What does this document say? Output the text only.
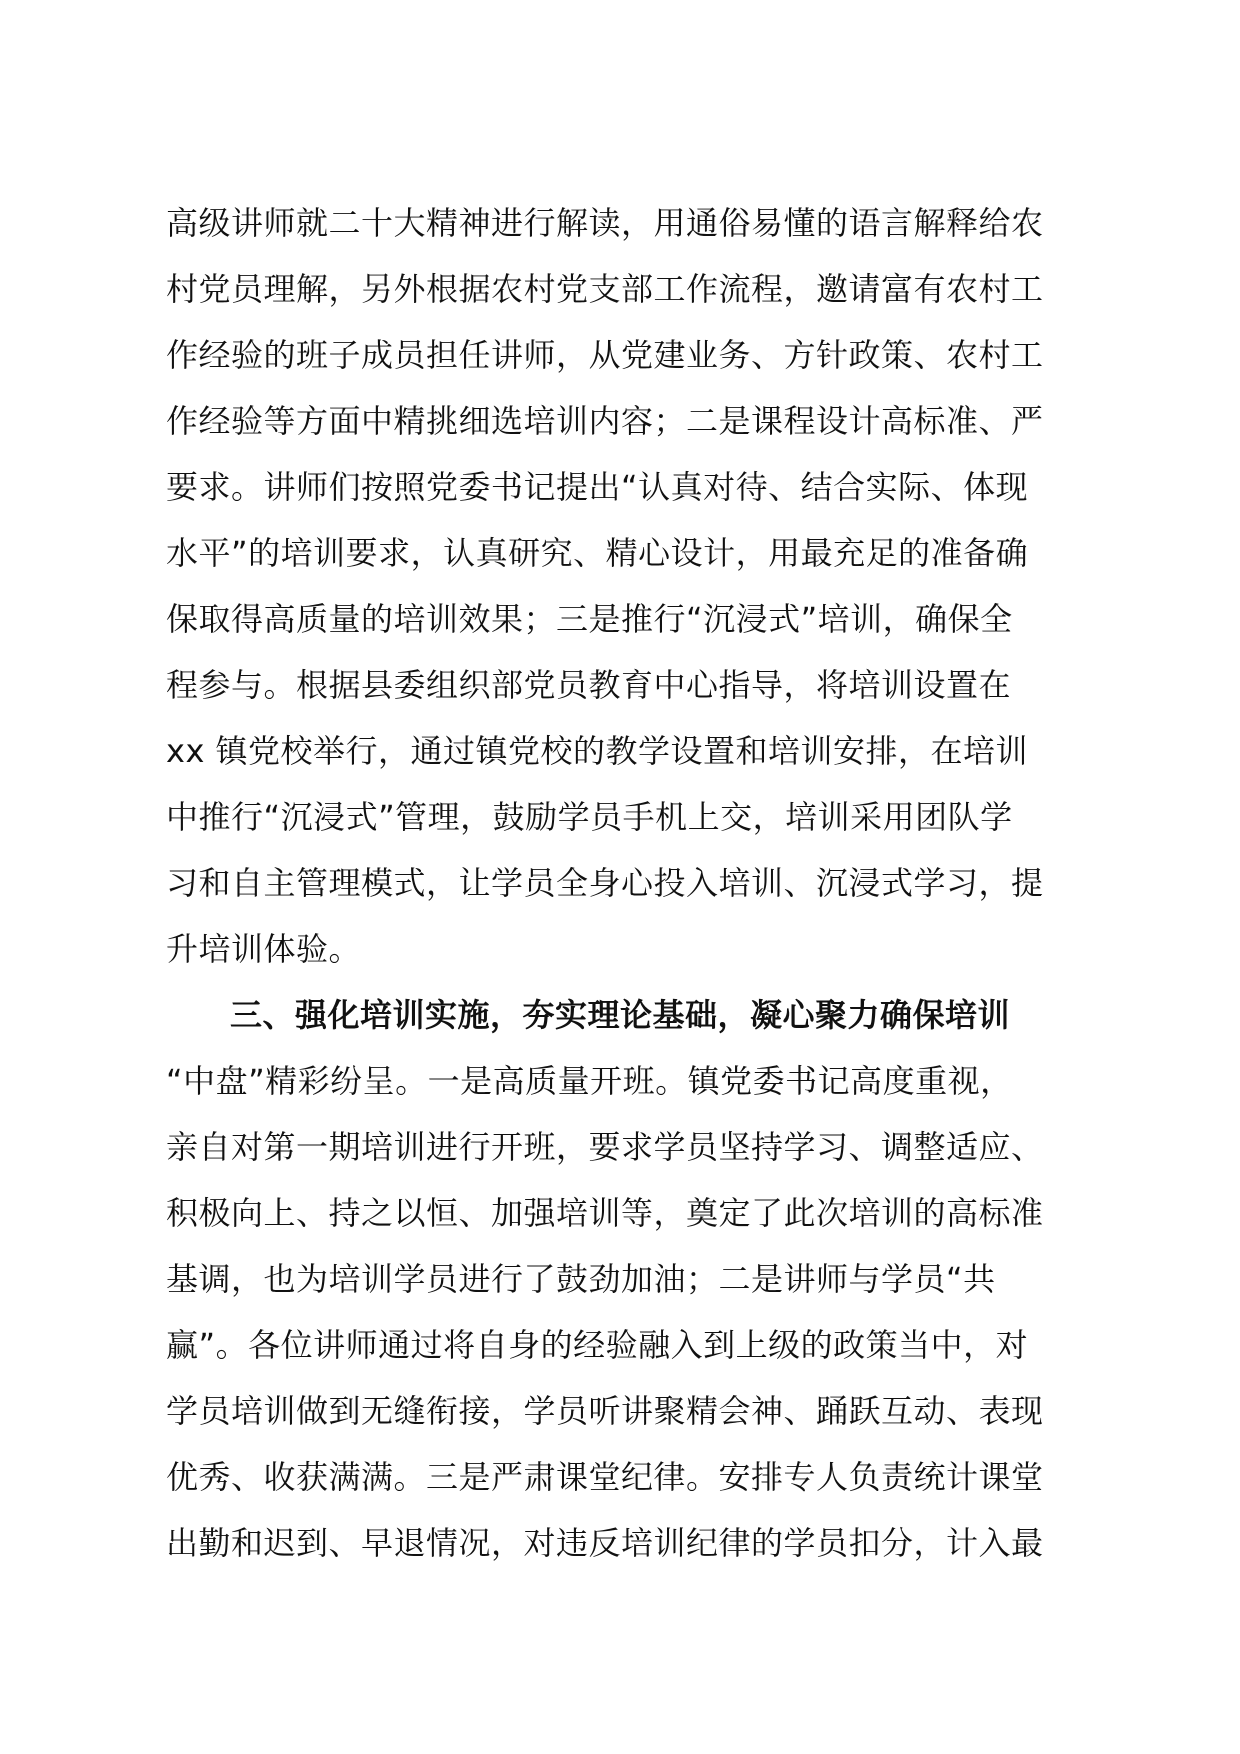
高级讲师就二十大精神进行解读，用通俗易懂的语言解释给农
村党员理解，另外根据农村党支部工作流程，邀请富有农村工
作经验的班子成员担任讲师，从党建业务、方针政策、农村工
作经验等方面中精挑细选培训内容；二是课程设计高标准、严
要求。讲师们按照党委书记提出“认真对待、结合实际、体现
水平”的培训要求，认真研究、精心设计，用最充足的准备确
保取得高质量的培训效果；三是推行“沉浸式”培训，确保全
程参与。根据县委组织部党员教育中心指导，将培训设置在
xx 镇党校举行，通过镇党校的教学设置和培训安排，在培训
中推行“沉浸式”管理，鼓励学员手机上交，培训采用团队学
习和自主管理模式，让学员全身心投入培训、沉浸式学习，提
升培训体验。
三、强化培训实施，夯实理论基础，凝心聚力确保培训
“中盘”精彩纷呈。一是高质量开班。镇党委书记高度重视，
亲自对第一期培训进行开班，要求学员坚持学习、调整适应、
积极向上、持之以恒、加强培训等，奠定了此次培训的高标准
基调，也为培训学员进行了鼓劲加油；二是讲师与学员“共
赢”。各位讲师通过将自身的经验融入到上级的政策当中，对
学员培训做到无缝衔接，学员听讲聚精会神、踊跃互动、表现
优秀、收获满满。三是严肃课堂纪律。安排专人负责统计课堂
出勤和迟到、早退情况，对违反培训纪律的学员扣分，计入最
